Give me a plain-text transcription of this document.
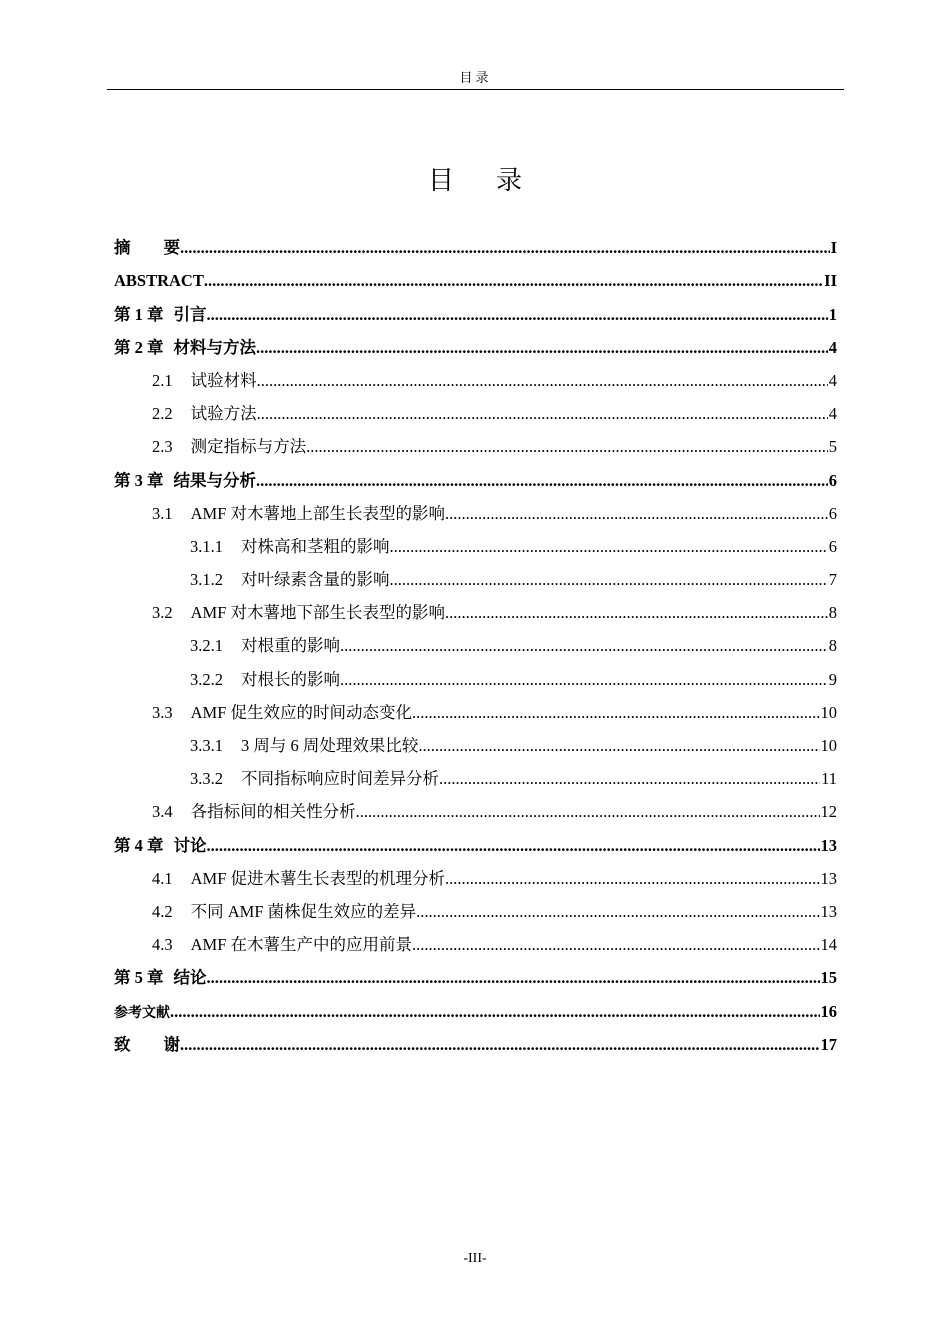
目录
目录
摘　　要 .....	I
ABSTRACT .....	II
第 1 章 引言 .....	1
第 2 章 材料与方法 .....	4
2.1 试验材料 .....	4
2.2 试验方法 .....	4
2.3 测定指标与方法 .....	5
第 3 章 结果与分析 .....	6
3.1 AMF 对木薯地上部生长表型的影响 .....	6
3.1.1 对株高和茎粗的影响 .....	6
3.1.2 对叶绿素含量的影响 .....	7
3.2 AMF 对木薯地下部生长表型的影响 .....	8
3.2.1 对根重的影响 .....	8
3.2.2 对根长的影响 .....	9
3.3 AMF 促生效应的时间动态变化 .....	10
3.3.1 3 周与 6 周处理效果比较 .....	10
3.3.2 不同指标响应时间差异分析 .....	11
3.4 各指标间的相关性分析 .....	12
第 4 章 讨论 .....	13
4.1 AMF 促进木薯生长表型的机理分析 .....	13
4.2 不同 AMF 菌株促生效应的差异 .....	13
4.3 AMF 在木薯生产中的应用前景 .....	14
第 5 章 结论 .....	15
参考文献 .....	16
致　　谢 .....	17
-III-
